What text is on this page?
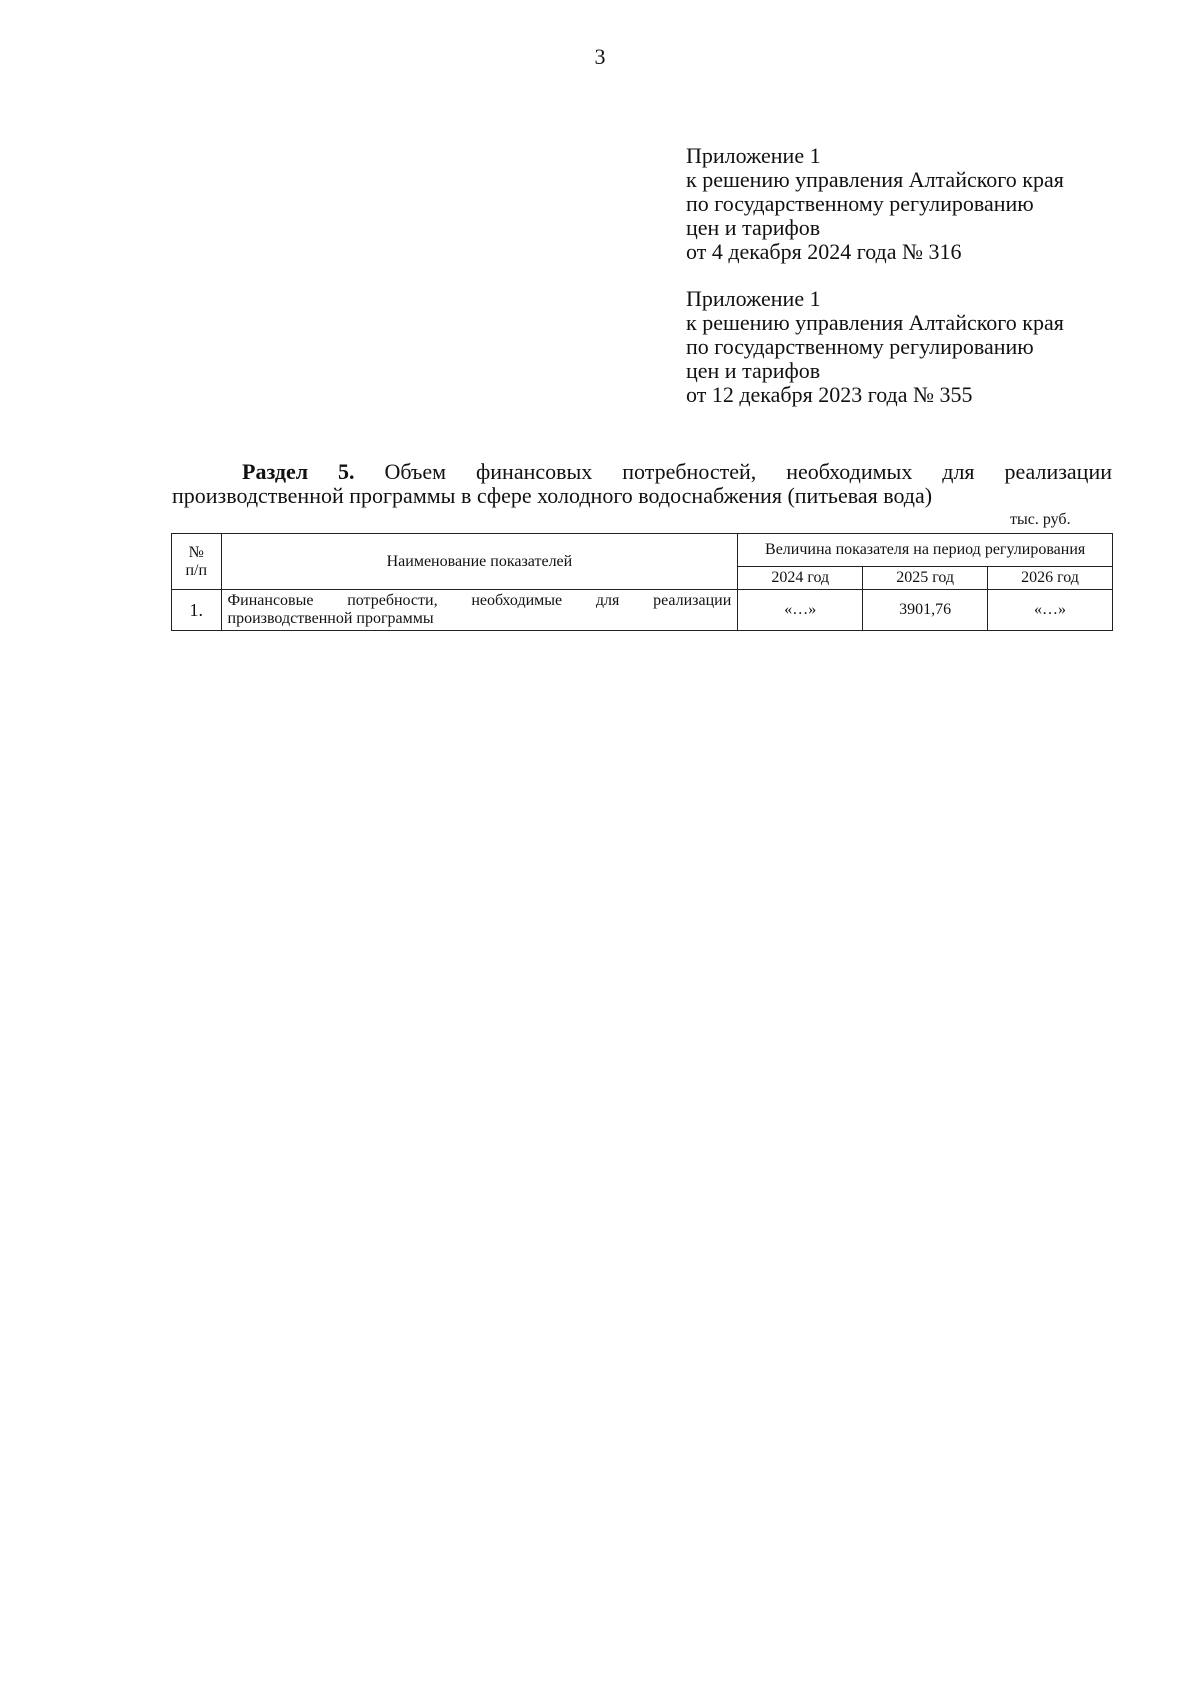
3
Приложение 1
к решению управления Алтайского края
по государственному регулированию
цен и тарифов
от 4 декабря 2024 года № 316
Приложение 1
к решению управления Алтайского края
по государственному регулированию
цен и тарифов
от 12 декабря 2023 года № 355
Раздел 5. Объем финансовых потребностей, необходимых для реализации
производственной программы в сфере холодного водоснабжения (питьевая вода)
тыс. руб.
№
п/п	Наименование показателей	Величина показателя на период регулирования		
		2024 год	2025 год	2026 год
1.	Финансовые потребности, необходимые для реализации производственной программы	«…»	3901,76	«…»
